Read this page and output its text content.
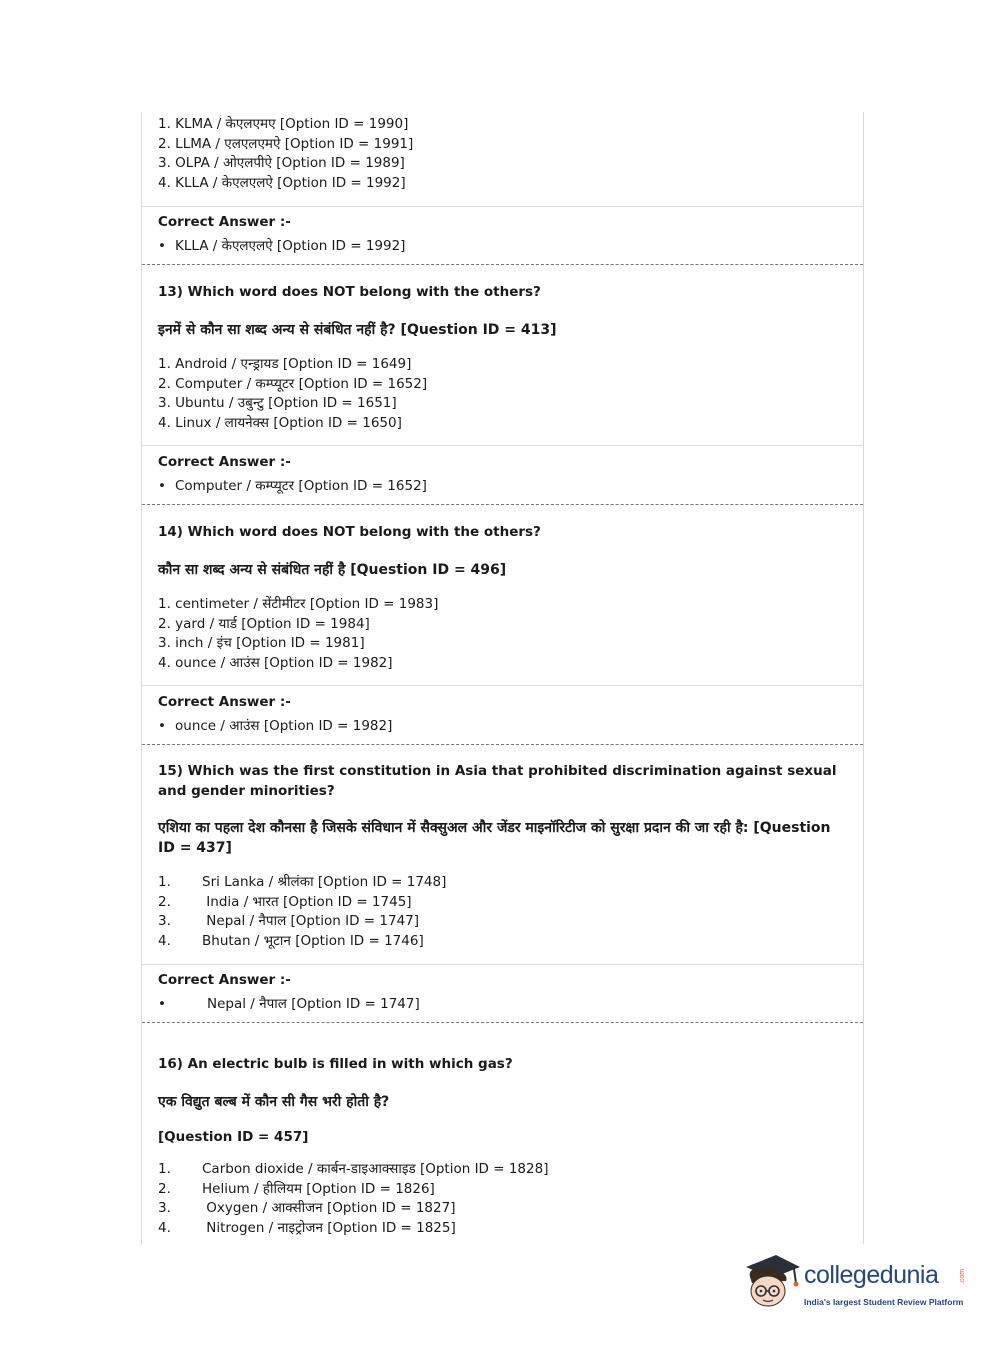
1. KLMA / केएलएमए [Option ID = 1990]
2. LLMA / एलएलएमऐ [Option ID = 1991]
3. OLPA / ओएलपीऐ [Option ID = 1989]
4. KLLA / केएलएलऐ [Option ID = 1992]
Correct Answer :-
• KLLA / केएलएलऐ [Option ID = 1992]
13) Which word does NOT belong with the others?
इनमें से कौन सा शब्द अन्य से संबंधित नहीं है? [Question ID = 413]
1. Android / एन्ड्रायड [Option ID = 1649]
2. Computer / कम्प्यूटर [Option ID = 1652]
3. Ubuntu / उबुन्टु [Option ID = 1651]
4. Linux / लायनेक्स [Option ID = 1650]
Correct Answer :-
• Computer / कम्प्यूटर [Option ID = 1652]
14) Which word does NOT belong with the others?
कौन सा शब्द अन्य से संबंधित नहीं है [Question ID = 496]
1. centimeter / सेंटीमीटर [Option ID = 1983]
2. yard / यार्ड [Option ID = 1984]
3. inch / इंच [Option ID = 1981]
4. ounce / आउंस [Option ID = 1982]
Correct Answer :-
• ounce / आउंस [Option ID = 1982]
15) Which was the first constitution in Asia that prohibited discrimination against sexual and gender minorities?
एशिया का पहला देश कौनसा है जिसके संविधान में सैक्सुअल और जेंडर माइनॉरिटीज को सुरक्षा प्रदान की जा रही है: [Question ID = 437]
1. Sri Lanka / श्रीलंका [Option ID = 1748]
2. India / भारत [Option ID = 1745]
3. Nepal / नैपाल [Option ID = 1747]
4. Bhutan / भूटान [Option ID = 1746]
Correct Answer :-
•	Nepal / नैपाल [Option ID = 1747]
16) An electric bulb is filled in with which gas?
एक विद्युत बल्ब में कौन सी गैस भरी होती है?
[Question ID = 457]
1. Carbon dioxide / कार्बन-डाइआक्साइड [Option ID = 1828]
2. Helium / हीलियम [Option ID = 1826]
3. Oxygen / आक्सीजन [Option ID = 1827]
4. Nitrogen / नाइट्रोजन [Option ID = 1825]
collegedunia	.com
India's largest Student Review Platform
